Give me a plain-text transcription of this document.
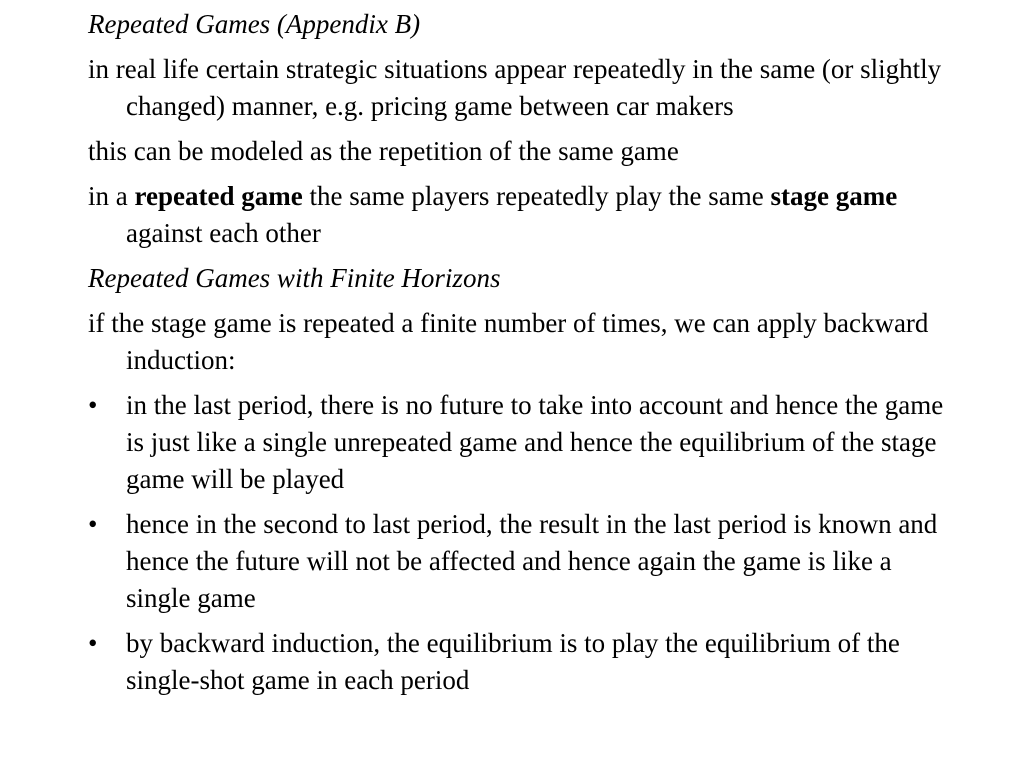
Repeated Games (Appendix B)
in real life certain strategic situations appear repeatedly in the same (or slightly changed) manner, e.g. pricing game between car makers
this can be modeled as the repetition of the same game
in a repeated game the same players repeatedly play the same stage game against each other
Repeated Games with Finite Horizons
if the stage game is repeated a finite number of times, we can apply backward induction:
• in the last period, there is no future to take into account and hence the game is just like a single unrepeated game and hence the equilibrium of the stage game will be played
• hence in the second to last period, the result in the last period is known and hence the future will not be affected and hence again the game is like a single game
• by backward induction, the equilibrium is to play the equilibrium of the single-shot game in each period
